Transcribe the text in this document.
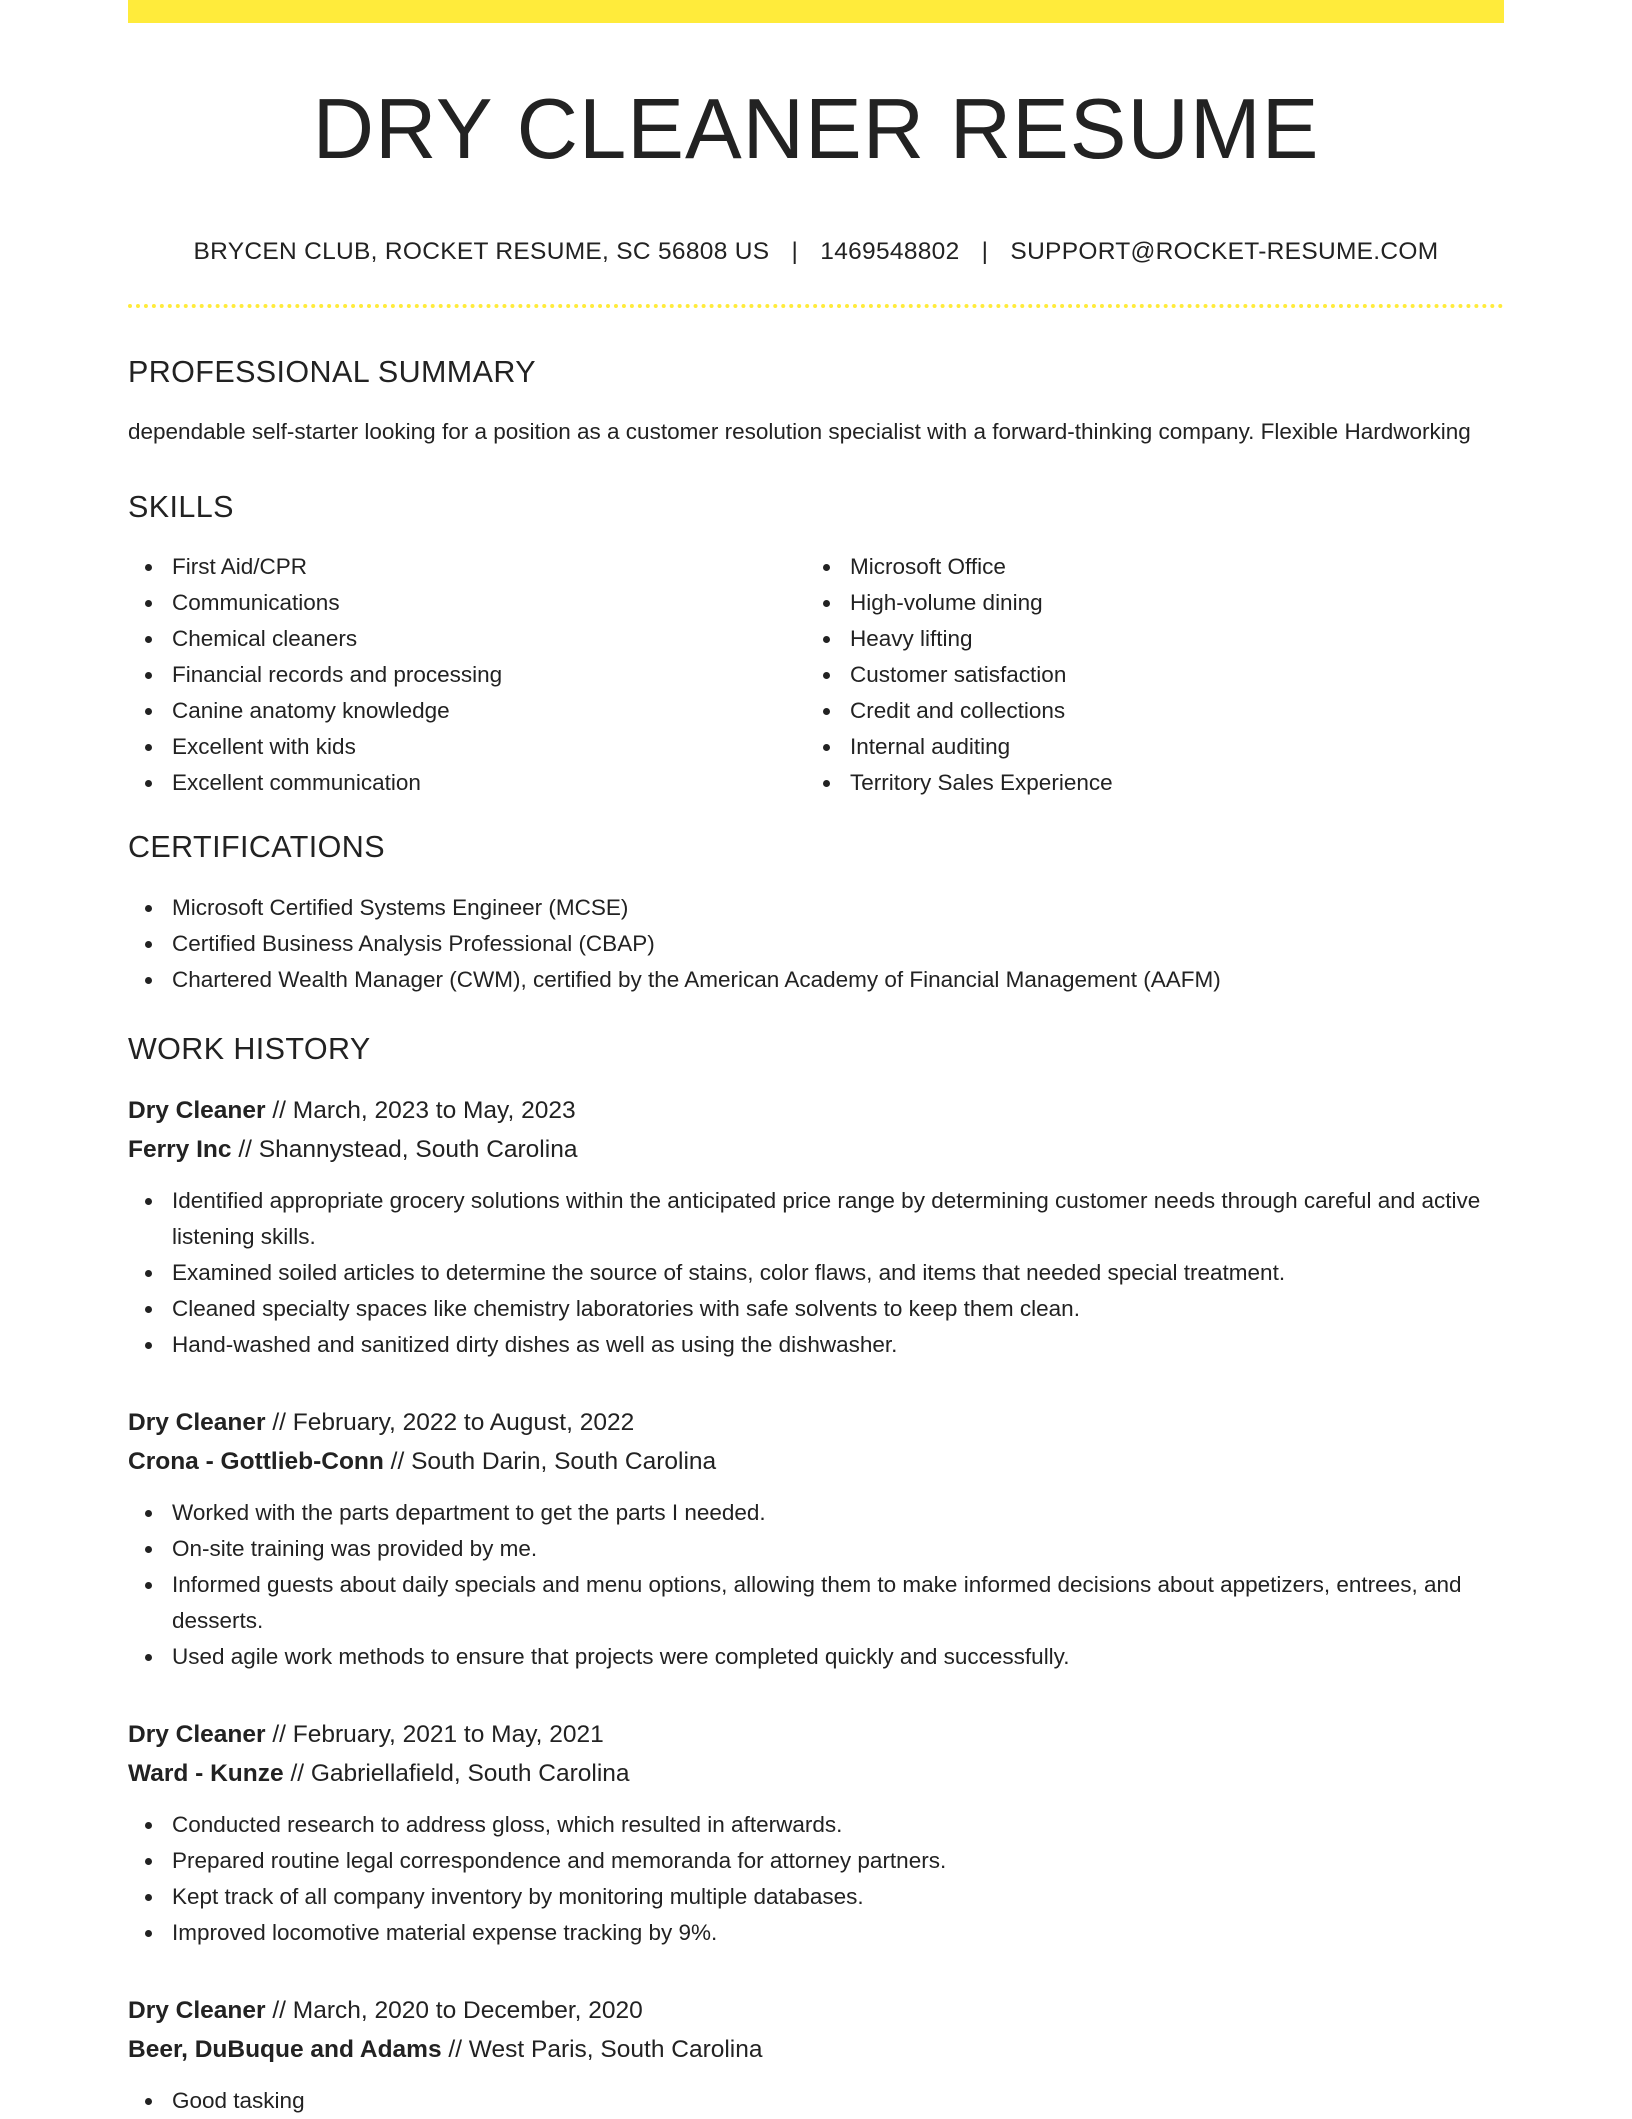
DRY CLEANER RESUME
BRYCEN CLUB, ROCKET RESUME, SC 56808 US | 1469548802 | SUPPORT@ROCKET-RESUME.COM
PROFESSIONAL SUMMARY

dependable self-starter looking for a position as a customer resolution specialist with a forward-thinking company. Flexible Hardworking

SKILLS
First Aid/CPR
Communications
Chemical cleaners
Financial records and processing
Canine anatomy knowledge
Excellent with kids
Excellent communication
Microsoft Office
High-volume dining
Heavy lifting
Customer satisfaction
Credit and collections
Internal auditing
Territory Sales Experience
CERTIFICATIONS
Microsoft Certified Systems Engineer (MCSE)
Certified Business Analysis Professional (CBAP)
Chartered Wealth Manager (CWM), certified by the American Academy of Financial Management (AAFM)
WORK HISTORY
Dry Cleaner // March, 2023 to May, 2023
Ferry Inc // Shannystead, South Carolina
Identified appropriate grocery solutions within the anticipated price range by determining customer needs through careful and active listening skills.
Examined soiled articles to determine the source of stains, color flaws, and items that needed special treatment.
Cleaned specialty spaces like chemistry laboratories with safe solvents to keep them clean.
Hand-washed and sanitized dirty dishes as well as using the dishwasher.
Dry Cleaner // February, 2022 to August, 2022
Crona - Gottlieb-Conn // South Darin, South Carolina
Worked with the parts department to get the parts I needed.
On-site training was provided by me.
Informed guests about daily specials and menu options, allowing them to make informed decisions about appetizers, entrees, and desserts.
Used agile work methods to ensure that projects were completed quickly and successfully.
Dry Cleaner // February, 2021 to May, 2021
Ward - Kunze // Gabriellafield, South Carolina
Conducted research to address gloss, which resulted in afterwards.
Prepared routine legal correspondence and memoranda for attorney partners.
Kept track of all company inventory by monitoring multiple databases.
Improved locomotive material expense tracking by 9%.
Dry Cleaner // March, 2020 to December, 2020
Beer, DuBuque and Adams // West Paris, South Carolina
Good tasking
